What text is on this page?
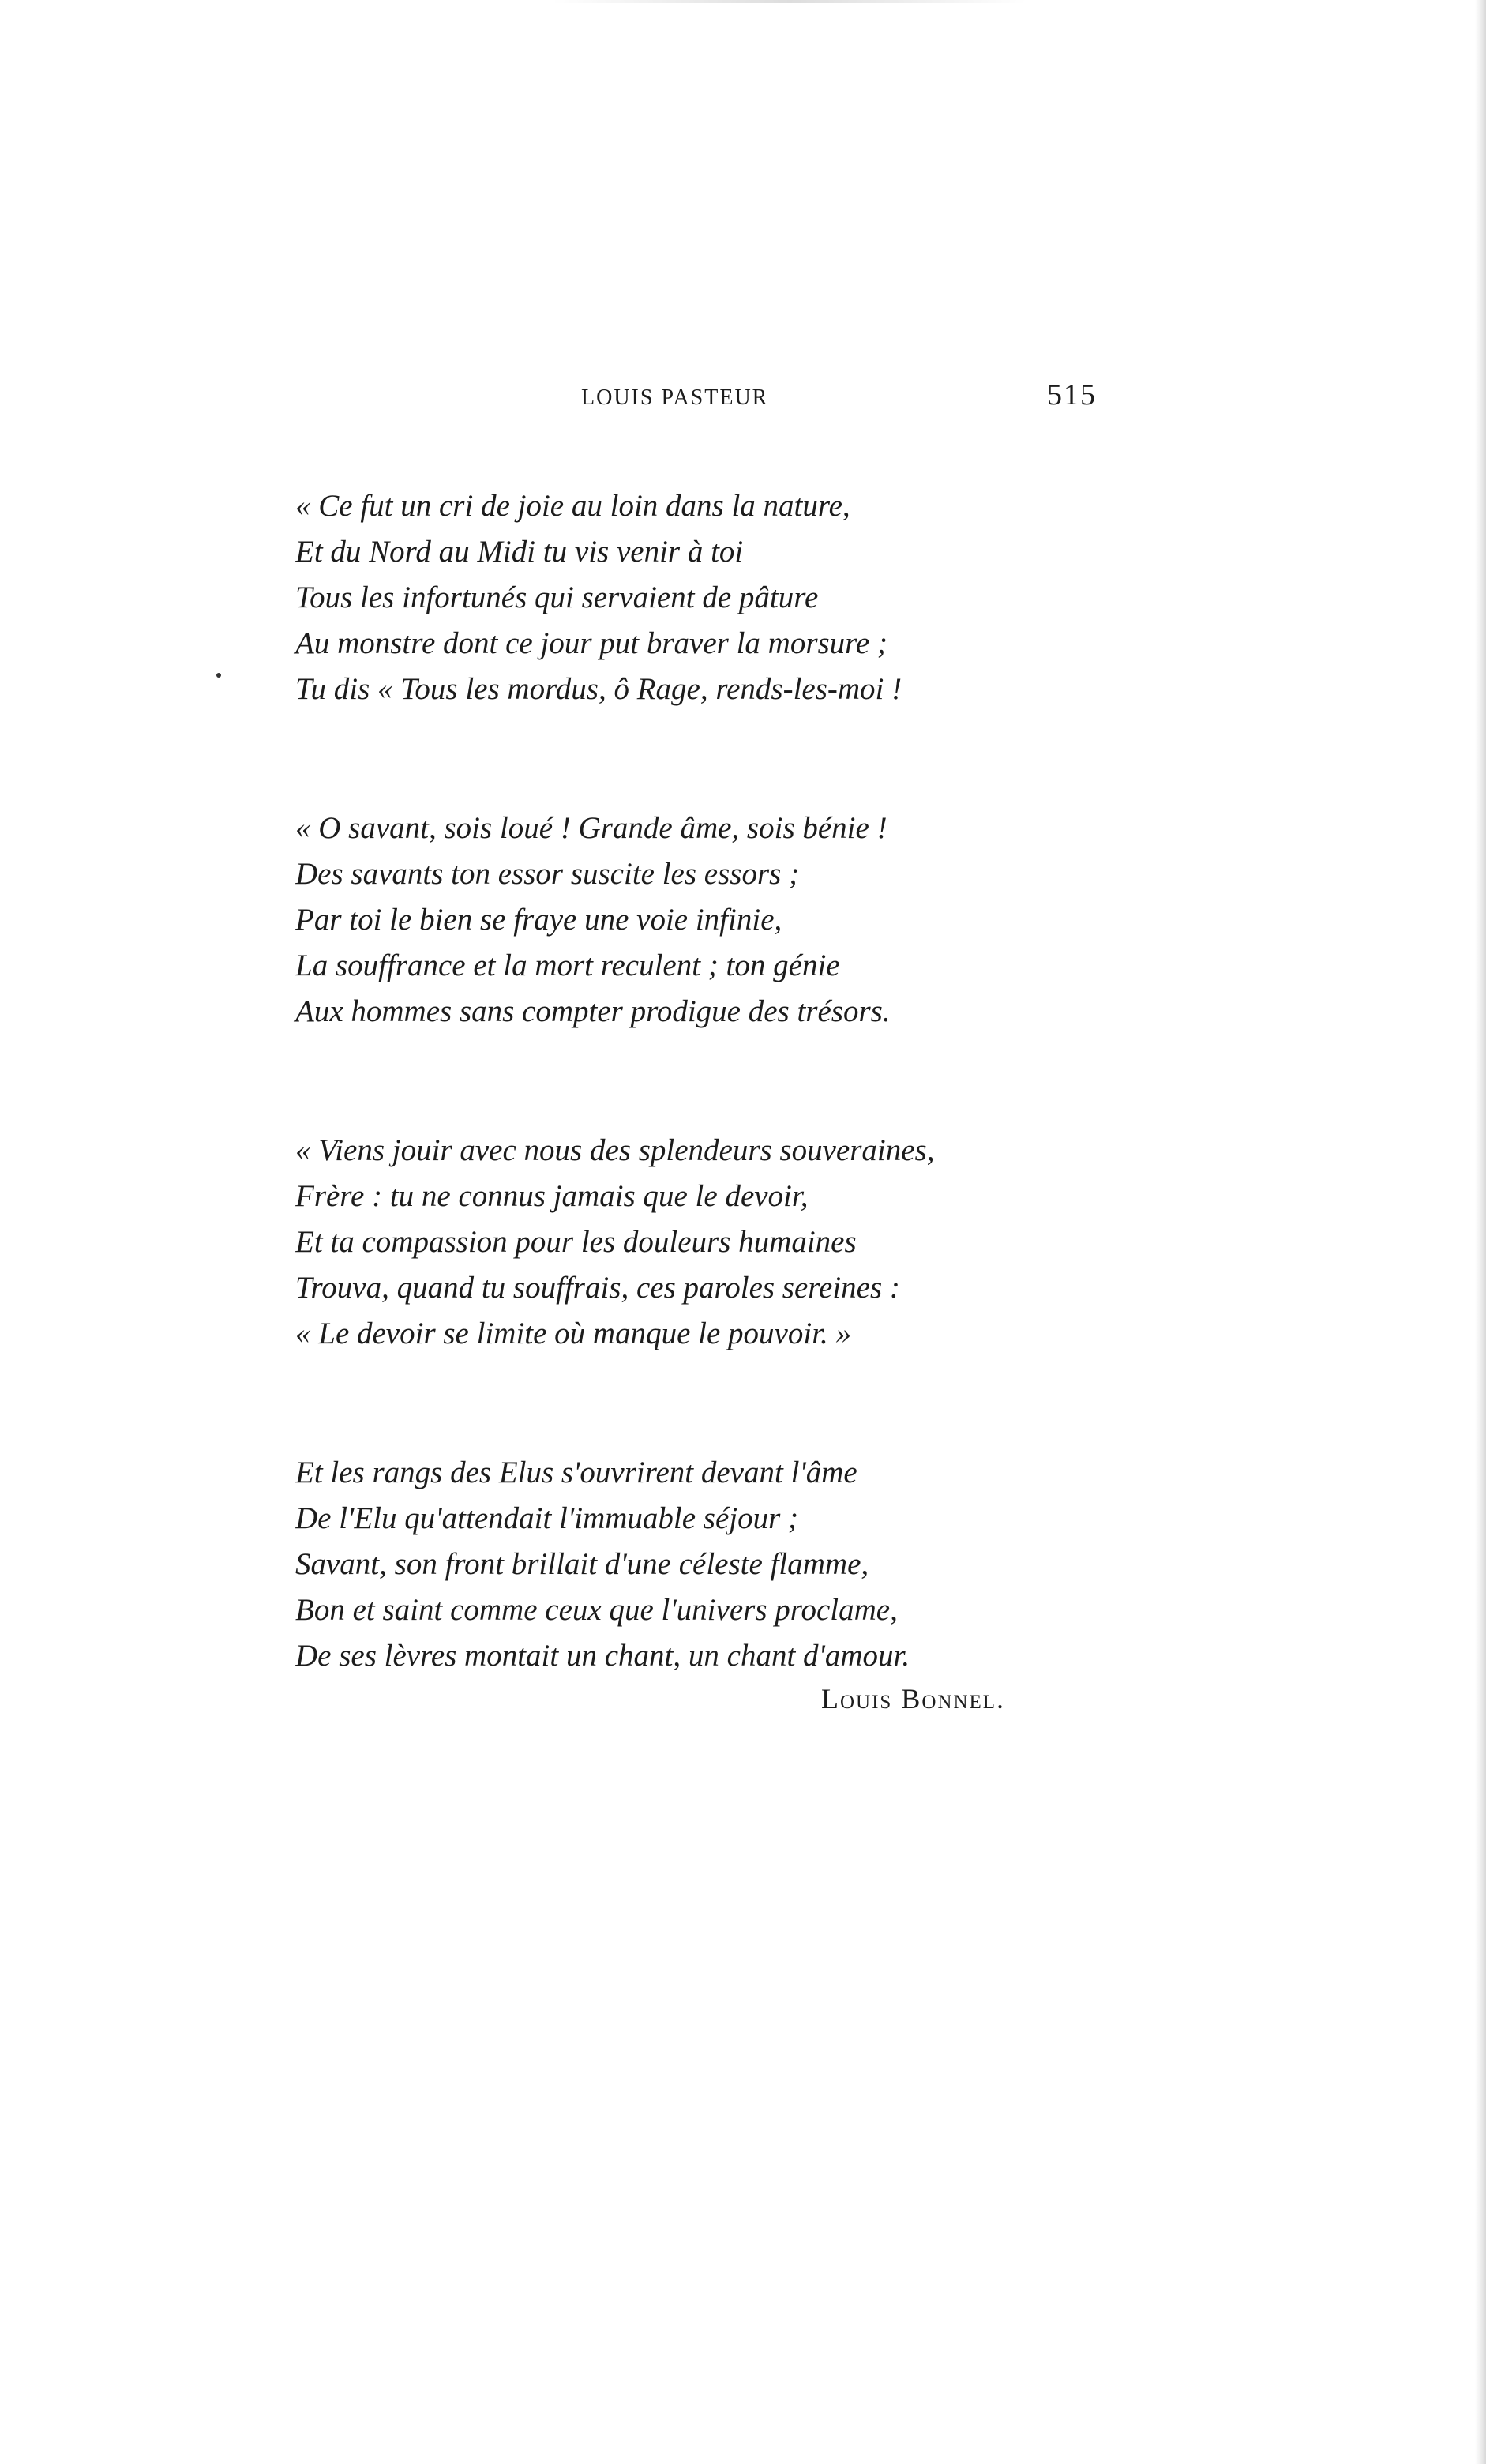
LOUIS PASTEUR	515
« Ce fut un cri de joie au loin dans la nature,
Et du Nord au Midi tu vis venir à toi
Tous les infortunés qui servaient de pâture
Au monstre dont ce jour put braver la morsure ;
Tu dis « Tous les mordus, ô Rage, rends-les-moi !
« O savant, sois loué ! Grande âme, sois bénie !
Des savants ton essor suscite les essors ;
Par toi le bien se fraye une voie infinie,
La souffrance et la mort reculent ; ton génie
Aux hommes sans compter prodigue des trésors.
« Viens jouir avec nous des splendeurs souveraines,
Frère : tu ne connus jamais que le devoir,
Et ta compassion pour les douleurs humaines
Trouva, quand tu souffrais, ces paroles sereines :
« Le devoir se limite où manque le pouvoir. »
Et les rangs des Elus s'ouvrirent devant l'âme
De l'Elu qu'attendait l'immuable séjour ;
Savant, son front brillait d'une céleste flamme,
Bon et saint comme ceux que l'univers proclame,
De ses lèvres montait un chant, un chant d'amour.
Louis Bonnel.
